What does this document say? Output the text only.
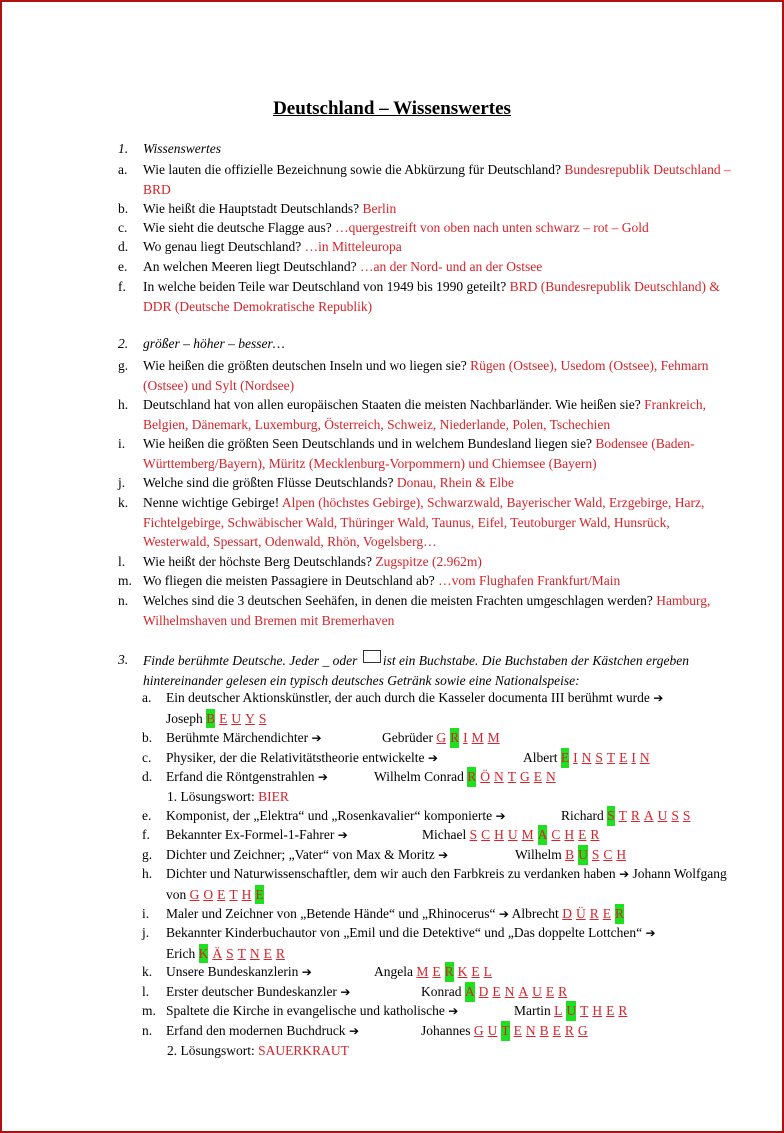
Deutschland – Wissenswertes
1. Wissenswertes
a. Wie lauten die offizielle Bezeichnung sowie die Abkürzung für Deutschland? Bundesrepublik Deutschland – BRD
b. Wie heißt die Hauptstadt Deutschlands? Berlin
c. Wie sieht die deutsche Flagge aus? …quergestreift von oben nach unten schwarz – rot – Gold
d. Wo genau liegt Deutschland? …in Mitteleuropa
e. An welchen Meeren liegt Deutschland? …an der Nord- und an der Ostsee
f. In welche beiden Teile war Deutschland von 1949 bis 1990 geteilt? BRD (Bundesrepublik Deutschland) & DDR (Deutsche Demokratische Republik)
2. größer – höher – besser…
g. Wie heißen die größten deutschen Inseln und wo liegen sie? Rügen (Ostsee), Usedom (Ostsee), Fehmarn (Ostsee) und Sylt (Nordsee)
h. Deutschland hat von allen europäischen Staaten die meisten Nachbarländer. Wie heißen sie? Frankreich, Belgien, Dänemark, Luxemburg, Österreich, Schweiz, Niederlande, Polen, Tschechien
i. Wie heißen die größten Seen Deutschlands und in welchem Bundesland liegen sie? Bodensee (Baden-Württemberg/Bayern), Müritz (Mecklenburg-Vorpommern) und Chiemsee (Bayern)
j. Welche sind die größten Flüsse Deutschlands? Donau, Rhein & Elbe
k. Nenne wichtige Gebirge! Alpen (höchstes Gebirge), Schwarzwald, Bayerischer Wald, Erzgebirge, Harz, Fichtelgebirge, Schwäbischer Wald, Thüringer Wald, Taunus, Eifel, Teutoburger Wald, Hunsrück, Westerwald, Spessart, Odenwald, Rhön, Vogelsberg…
l. Wie heißt der höchste Berg Deutschlands? Zugspitze (2.962m)
m. Wo fliegen die meisten Passagiere in Deutschland ab? …vom Flughafen Frankfurt/Main
n. Welches sind die 3 deutschen Seehäfen, in denen die meisten Frachten umgeschlagen werden? Hamburg, Wilhelmshaven und Bremen mit Bremerhaven
3. Finde berühmte Deutsche. Jeder _ oder ist ein Buchstabe. Die Buchstaben der Kästchen ergeben hintereinander gelesen ein typisch deutsches Getränk sowie eine Nationalspeise:
a. Ein deutscher Aktionskünstler, der auch durch die Kasseler documenta III berühmt wurde ➔
Joseph B E U Y S
b. Berühmte Märchendichter ➔	Gebrüder G R I M M
c. Physiker, der die Relativitätstheorie entwickelte ➔	Albert E I N S T E I N
d. Erfand die Röntgenstrahlen ➔	Wilhelm Conrad R Ö N T G E N
e. Komponist, der „Elektra“ und „Rosenkavalier“ komponierte ➔	Richard S T R A U S S
f. Bekannter Ex-Formel-1-Fahrer ➔	Michael S C H U M A C H E R
g. Dichter und Zeichner; „Vater“ von Max & Moritz ➔	Wilhelm B U S C H
h. Dichter und Naturwissenschaftler, dem wir auch den Farbkreis zu verdanken haben ➔ Johann Wolfgang von G O E T H E
i. Maler und Zeichner von „Betende Hände“ und „Rhinocerus“ ➔ Albrecht D Ü R E R
j. Bekannter Kinderbuchautor von „Emil und die Detektive“ und „Das doppelte Lottchen“ ➔
Erich K Ä S T N E R
k. Unsere Bundeskanzlerin ➔	Angela M E R K E L
l. Erster deutscher Bundeskanzler ➔	Konrad A D E N A U E R
m. Spaltete die Kirche in evangelische und katholische ➔	Martin L U T H E R
n. Erfand den modernen Buchdruck ➔	Johannes G U T E N B E R G
1. Lösungswort: BIER
2. Lösungswort: SAUERKRAUT
